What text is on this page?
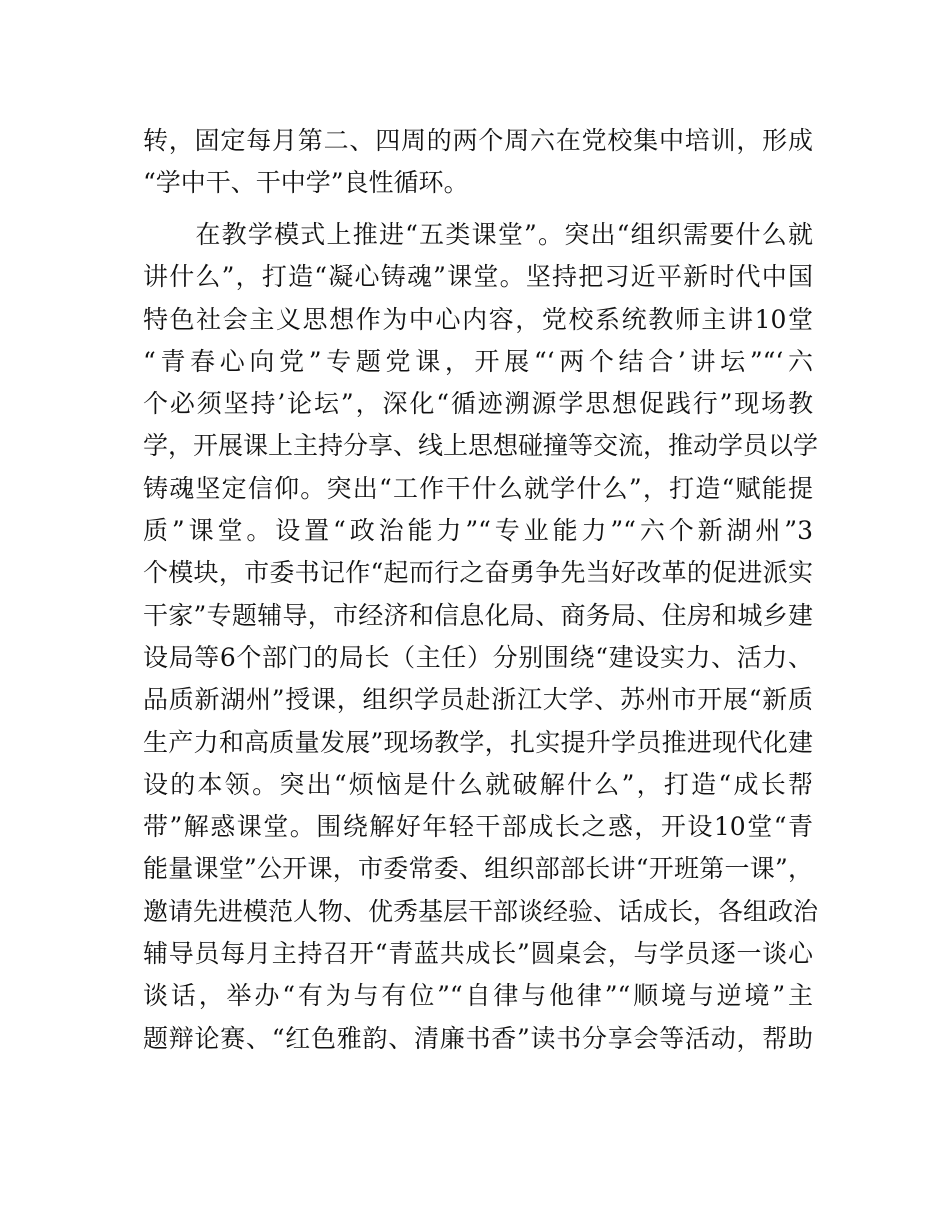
转，固定每月第二、四周的两个周六在党校集中培训，形成
“学中干、干中学”良性循环。
　　在教学模式上推进“五类课堂”。突出“组织需要什么就
讲什么”，打造“凝心铸魂”课堂。坚持把习近平新时代中国
特色社会主义思想作为中心内容，党校系统教师主讲10堂
“青春心向党”专题党课，开展“‘两个结合’讲坛”“‘六
个必须坚持’论坛”，深化“循迹溯源学思想促践行”现场教
学，开展课上主持分享、线上思想碰撞等交流，推动学员以学
铸魂坚定信仰。突出“工作干什么就学什么”，打造“赋能提
质”课堂。设置“政治能力”“专业能力”“六个新湖州”3
个模块，市委书记作“起而行之奋勇争先当好改革的促进派实
干家”专题辅导，市经济和信息化局、商务局、住房和城乡建
设局等6个部门的局长（主任）分别围绕“建设实力、活力、
品质新湖州”授课，组织学员赴浙江大学、苏州市开展“新质
生产力和高质量发展”现场教学，扎实提升学员推进现代化建
设的本领。突出“烦恼是什么就破解什么”，打造“成长帮
带”解惑课堂。围绕解好年轻干部成长之惑，开设10堂“青
能量课堂”公开课，市委常委、组织部部长讲“开班第一课”，
邀请先进模范人物、优秀基层干部谈经验、话成长，各组政治
辅导员每月主持召开“青蓝共成长”圆桌会，与学员逐一谈心
谈话，举办“有为与有位”“自律与他律”“顺境与逆境”主
题辩论赛、“红色雅韵、清廉书香”读书分享会等活动，帮助
